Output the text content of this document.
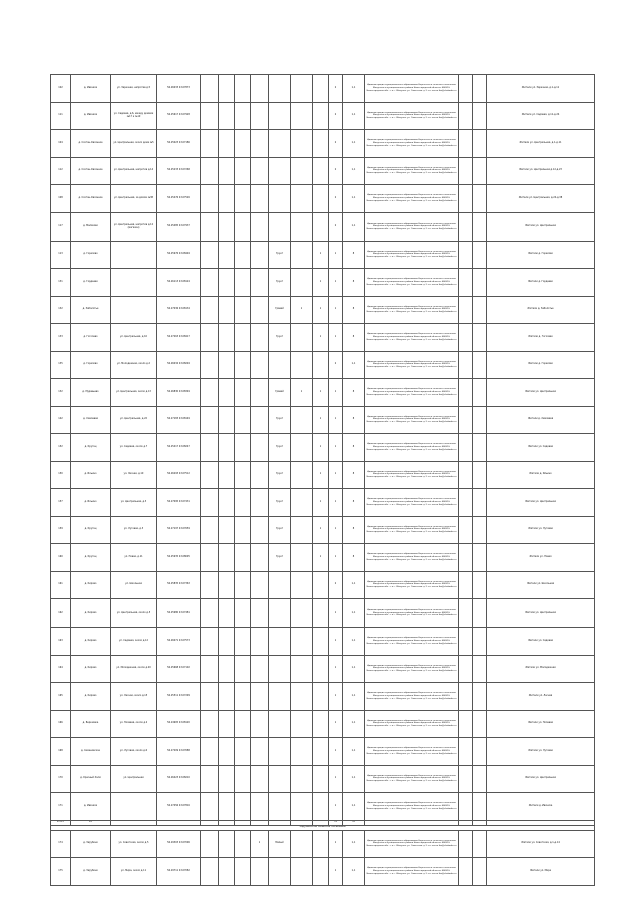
102	д. Ивачиха	ул. Заречная, напротив д.5	56.26033 43.07873								2	1,1	Администрация муниципального образования Нерехтского сельского поселения Шахунского муниципального района Нижегородской области, 606910, Нижегородская обл., г.о.г. Шахунья, ул. Советская, д.1, эл. почта tbo@shahadm.ru			Жители ул. Заречная, д.1-д.11
111	д. Ивачиха	ул. Садовая, д.6, между домами №17 и №19	56.25617 43.07928								2	1,1	Администрация муниципального образования Нерехтского сельского поселения Шахунского муниципального района Нижегородской области, 606910, Нижегородская обл., г.о.г. Шахунья, ул. Советская, д.1, эл. почта tbo@shahadm.ru			Жители ул. Садовая, д.11-д.24
104	д. Сохтан-Овсянное	ул. Центральная, около дома №5	56.25023 43.07186								2	1,1	Администрация муниципального образования Нерехтского сельского поселения Шахунского муниципального района Нижегородской области, 606910, Нижегородская обл., г.о.г. Шахунья, ул. Советская, д.1, эл. почта tbo@shahadm.ru			Жители ул. Центральная, д.1-д.11
112	д. Сохтан-Овсянное	ул. Центральная, напротив д.14	56.25233 43.07268								2	1,1	Администрация муниципального образования Нерехтского сельского поселения Шахунского муниципального района Нижегородской области, 606910, Нижегородская обл., г.о.г. Шахунья, ул. Советская, д.1, эл. почта tbo@shahadm.ru			Жители ул. Центральная д.12-д.23
108	д. Сохтан-Овсянное	ул. Центральная, за домом №38	56.25476 43.07526								2	1,1	Администрация муниципального образования Нерехтского сельского поселения Шахунского муниципального района Нижегородской области, 606910, Нижегородская обл., г.о.г. Шахунья, ул. Советская, д.1, эл. почта tbo@shahadm.ru			Жители ул. Центральная, д.24-д.38
117	д. Малахово	ул. Центральная, напротив д.12 (магазин)	56.25485 43.07937								2	1,1	Администрация муниципального образования Нерехтского сельского поселения Шахунского муниципального района Нижегородской области, 606910, Нижегородская обл., г.о.г. Шахунья, ул. Советская, д.1, эл. почта tbo@shahadm.ru			Жители ул. Центральная
113	д. Горелово		56.25976 43.08494					Грунт		1	1	8	Администрация муниципального образования Нерехтского сельского поселения Шахунского муниципального района Нижегородской области, 606910, Нижегородская обл., г.о.г. Шахунья, ул. Советская, д.1, эл. почта tbo@shahadm.ru			Жители д. Горелово
131	д. Гордеево		56.26113 43.08124					Грунт		1	1	8	Администрация муниципального образования Нерехтского сельского поселения Шахунского муниципального района Нижегородской области, 606910, Нижегородская обл., г.о.г. Шахунья, ул. Советская, д.1, эл. почта tbo@shahadm.ru			Жители д. Гордеево
132	д. Заболотье		56.27036 43.08134					Гравий	1	1	1	8	Администрация муниципального образования Нерехтского сельского поселения Шахунского муниципального района Нижегородской области, 606910, Нижегородская обл., г.о.г. Шахунья, ул. Советская, д.1, эл. почта tbo@shahadm.ru			Жители д. Заболотье
133	д. Гоголево	ул. Центральная, д.10	56.27263 43.08417					Грунт		1	1	8	Администрация муниципального образования Нерехтского сельского поселения Шахунского муниципального района Нижегородской области, 606910, Нижегородская обл., г.о.г. Шахунья, ул. Советская, д.1, эл. почта tbo@shahadm.ru			Жители д. Гоголево
135	д. Горелово	ул. Молодежная, около д.2	56.26034 43.08294								2	1,1	Администрация муниципального образования Нерехтского сельского поселения Шахунского муниципального района Нижегородской области, 606910, Нижегородская обл., г.о.г. Шахунья, ул. Советская, д.1, эл. почта tbo@shahadm.ru			Жители д. Горелово
132	д. Муравьево	ул. Центральная, около д.13	56.26830 43.08349					Гравий	1	1	1	8	Администрация муниципального образования Нерехтского сельского поселения Шахунского муниципального района Нижегородской области, 606910, Нижегородская обл., г.о.г. Шахунья, ул. Советская, д.1, эл. почта tbo@shahadm.ru			Жители ул. Центральная
142	д. Хмелевая	ул. Центральная, д.22	56.27183 43.08149					Грунт		1	1	8	Администрация муниципального образования Нерехтского сельского поселения Шахунского муниципального района Нижегородской области, 606910, Нижегородская обл., г.о.г. Шахунья, ул. Советская, д.1, эл. почта tbo@shahadm.ru			Жители д. Хмелевая
152	д. Крутец	ул. Садовая, около д.7	56.25417 43.08247					Грунт		1	1	8	Администрация муниципального образования Нерехтского сельского поселения Шахунского муниципального района Нижегородской области, 606910, Нижегородская обл., г.о.г. Шахунья, ул. Советская, д.1, эл. почта tbo@shahadm.ru			Жители ул. Садовая
150	д. Ильино	ул. Лесная, д.10	56.26293 43.07512					Грунт		1	1	8	Администрация муниципального образования Нерехтского сельского поселения Шахунского муниципального района Нижегородской области, 606910, Нижегородская обл., г.о.г. Шахунья, ул. Советская, д.1, эл. почта tbo@shahadm.ru			Жители д. Ильино
157	д. Ильино	ул. Центральная, д.3	56.27095 43.07431					Грунт		1	1	8	Администрация муниципального образования Нерехтского сельского поселения Шахунского муниципального района Нижегородской области, 606910, Нижегородская обл., г.о.г. Шахунья, ул. Советская, д.1, эл. почта tbo@shahadm.ru			Жители ул. Центральная
159	д. Крутец	ул. Луговая, д.3	56.27197 43.07659					Грунт		1	1	8	Администрация муниципального образования Нерехтского сельского поселения Шахунского муниципального района Нижегородской области, 606910, Нижегородская обл., г.о.г. Шахунья, ул. Советская, д.1, эл. почта tbo@shahadm.ru			Жители ул. Луговая
160	д. Крутец	ул. Новая, д.11	56.25935 43.08095					Грунт		1	1	8	Администрация муниципального образования Нерехтского сельского поселения Шахунского муниципального района Нижегородской области, 606910, Нижегородская обл., г.о.г. Шахунья, ул. Советская, д.1, эл. почта tbo@shahadm.ru			Жители ул. Новая
161	д. Кирово	ул. Школьная	56.25835 43.07363								2	1,1	Администрация муниципального образования Нерехтского сельского поселения Шахунского муниципального района Нижегородской области, 606910, Нижегородская обл., г.о.г. Шахунья, ул. Советская, д.1, эл. почта tbo@shahadm.ru			Жители ул. Школьная
162	д. Кирово	ул. Центральная, около д.5	56.25980 43.07481								1	1,1	Администрация муниципального образования Нерехтского сельского поселения Шахунского муниципального района Нижегородской области, 606910, Нижегородская обл., г.о.г. Шахунья, ул. Советская, д.1, эл. почта tbo@shahadm.ru			Жители ул. Центральная
163	д. Кирово	ул. Садовая, около д.12	56.26071 43.07573								1	1,1	Администрация муниципального образования Нерехтского сельского поселения Шахунского муниципального района Нижегородской области, 606910, Нижегородская обл., г.о.г. Шахунья, ул. Советская, д.1, эл. почта tbo@shahadm.ru			Жители ул. Садовая
164	д. Кирово	ул. Молодежная, около д.20	56.25668 43.07102								1	1,1	Администрация муниципального образования Нерехтского сельского поселения Шахунского муниципального района Нижегородской области, 606910, Нижегородская обл., г.о.г. Шахунья, ул. Советская, д.1, эл. почта tbo@shahadm.ru			Жители ул. Молодежная
165	д. Кирово	ул. Лесная, около д.15	56.25511 43.07299								1	1,1	Администрация муниципального образования Нерехтского сельского поселения Шахунского муниципального района Нижегородской области, 606910, Нижегородская обл., г.о.г. Шахунья, ул. Советская, д.1, эл. почта tbo@shahadm.ru			Жители ул. Лесная
166	д. Березовка	ул. Полевая, около д.2	56.24905 43.08120								1	1,1	Администрация муниципального образования Нерехтского сельского поселения Шахунского муниципального района Нижегородской области, 606910, Нижегородская обл., г.о.г. Шахунья, ул. Советская, д.1, эл. почта tbo@shahadm.ru			Жители ул. Полевая
168	д. Семеновское	ул. Луговая, около д.6	56.27209 43.07688								1	1,1	Администрация муниципального образования Нерехтского сельского поселения Шахунского муниципального района Нижегородской области, 606910, Нижегородская обл., г.о.г. Шахунья, ул. Советская, д.1, эл. почта tbo@shahadm.ru			Жители ул. Луговая
170	д. Красный Холм	ул. Центральная	56.26423 43.08210								1	1,1	Администрация муниципального образования Нерехтского сельского поселения Шахунского муниципального района Нижегородской области, 606910, Нижегородская обл., г.о.г. Шахунья, ул. Советская, д.1, эл. почта tbo@shahadm.ru			Жители ул. Центральная
171	д. Ивачиха		56.27456 43.07816								1	1,1	Администрация муниципального образования Нерехтского сельского поселения Шахунского муниципального района Нижегородской области, 606910, Нижегородская обл., г.о.г. Шахунья, ул. Советская, д.1, эл. почта tbo@shahadm.ru			Жители д. Ивачиха
Итого	28										31	32				
Зарубинское сельское поселение																
174	д. Зарубино	ул. Советская, около д.5	56.29303 43.07096				1	Малый			1	1,1	Администрация муниципального образования Нерехтского сельского поселения Шахунского муниципального района Нижегородской области, 606910, Нижегородская обл., г.о.г. Шахунья, ул. Советская, д.1, эл. почта tbo@shahadm.ru			Жители ул. Советская, д.1-д.14
175	д. Зарубино	ул. Мира, около д.11	56.29711 43.07082								1	1,1	Администрация муниципального образования Нерехтского сельского поселения Шахунского муниципального района Нижегородской области, 606910, Нижегородская обл., г.о.г. Шахунья, ул. Советская, д.1, эл. почта tbo@shahadm.ru			Жители ул. Мира
